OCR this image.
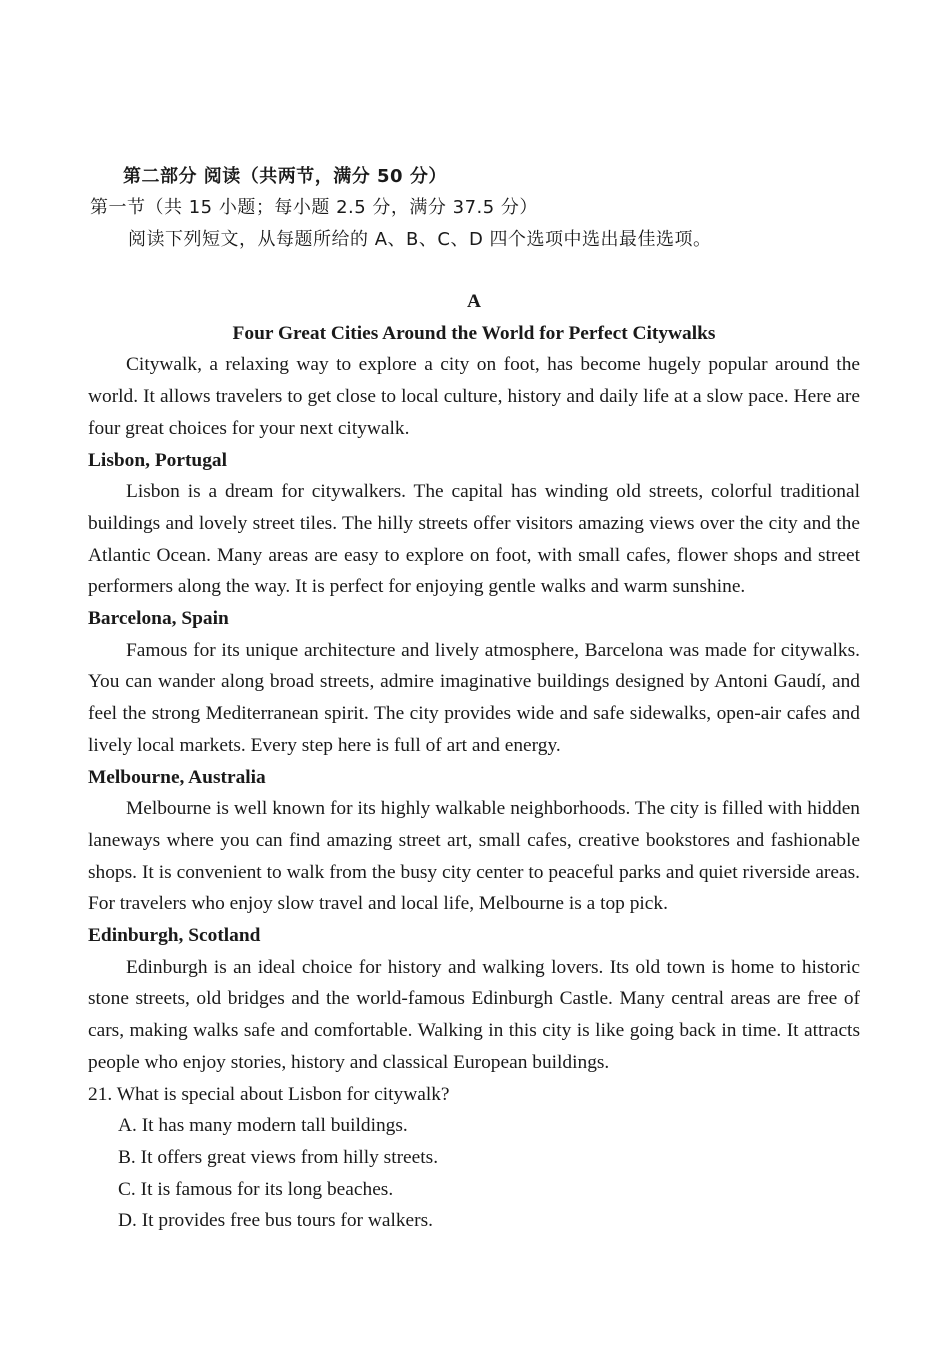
第二部分 阅读（共两节，满分 50 分）
第一节（共 15 小题；每小题 2.5 分，满分 37.5 分）
阅读下列短文，从每题所给的 A、B、C、D 四个选项中选出最佳选项。

A

Four Great Cities Around the World for Perfect Citywalks

Citywalk, a relaxing way to explore a city on foot, has become hugely popular around the world. It allows travelers to get close to local culture, history and daily life at a slow pace. Here are four great choices for your next citywalk.

Lisbon, Portugal

Lisbon is a dream for citywalkers. The capital has winding old streets, colorful traditional buildings and lovely street tiles. The hilly streets offer visitors amazing views over the city and the Atlantic Ocean. Many areas are easy to explore on foot, with small cafes, flower shops and street performers along the way. It is perfect for enjoying gentle walks and warm sunshine.

Barcelona, Spain

Famous for its unique architecture and lively atmosphere, Barcelona was made for citywalks. You can wander along broad streets, admire imaginative buildings designed by Antoni Gaudí, and feel the strong Mediterranean spirit. The city provides wide and safe sidewalks, open-air cafes and lively local markets. Every step here is full of art and energy.

Melbourne, Australia

Melbourne is well known for its highly walkable neighborhoods. The city is filled with hidden laneways where you can find amazing street art, small cafes, creative bookstores and fashionable shops. It is convenient to walk from the busy city center to peaceful parks and quiet riverside areas. For travelers who enjoy slow travel and local life, Melbourne is a top pick.

Edinburgh, Scotland

Edinburgh is an ideal choice for history and walking lovers. Its old town is home to historic stone streets, old bridges and the world-famous Edinburgh Castle. Many central areas are free of cars, making walks safe and comfortable. Walking in this city is like going back in time. It attracts people who enjoy stories, history and classical European buildings.

21. What is special about Lisbon for citywalk?

A. It has many modern tall buildings.

B. It offers great views from hilly streets.

C. It is famous for its long beaches.

D. It provides free bus tours for walkers.
